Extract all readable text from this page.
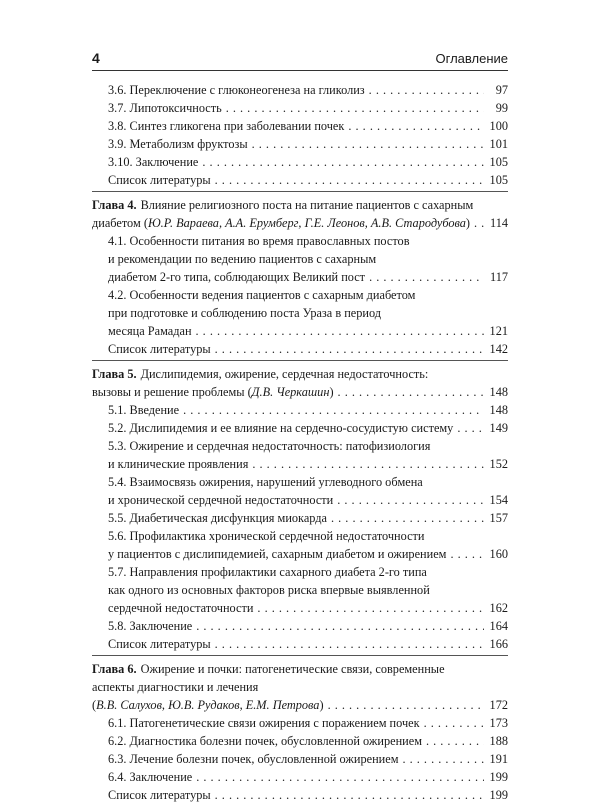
4	Оглавление
3.6. Переключение с глюконеогенеза на гликолиз . . .	97
3.7. Липотоксичность . . .	99
3.8. Синтез гликогена при заболевании почек . . .	100
3.9. Метаболизм фруктозы . . .	101
3.10. Заключение . . .	105
Список литературы . . .	105
Глава 4. Влияние религиозного поста на питание пациентов с сахарным
диабетом (Ю.Р. Вараева, А.А. Ерумберг, Г.Е. Леонов, А.В. Стародубова) . . . 114
4.1. Особенности питания во время православных постов
и рекомендации по ведению пациентов с сахарным
диабетом 2-го типа, соблюдающих Великий пост . . .	117
4.2. Особенности ведения пациентов с сахарным диабетом
при подготовке и соблюдению поста Ураза в период
месяца Рамадан . . .	121
Список литературы . . .	142
Глава 5. Дислипидемия, ожирение, сердечная недостаточность:
вызовы и решение проблемы (Д.В. Черкашин) . . .	148
5.1. Введение . . .	148
5.2. Дислипидемия и ее влияние на сердечно-сосудистую систему . . .	149
5.3. Ожирение и сердечная недостаточность: патофизиология
и клинические проявления . . .	152
5.4. Взаимосвязь ожирения, нарушений углеводного обмена
и хронической сердечной недостаточности . . .	154
5.5. Диабетическая дисфункция миокарда . . .	157
5.6. Профилактика хронической сердечной недостаточности
у пациентов с дислипидемией, сахарным диабетом и ожирением . . .	160
5.7. Направления профилактики сахарного диабета 2-го типа
как одного из основных факторов риска впервые выявленной
сердечной недостаточности . . .	162
5.8. Заключение . . .	164
Список литературы . . .	166
Глава 6. Ожирение и почки: патогенетические связи, современные
аспекты диагностики и лечения
(В.В. Салухов, Ю.В. Рудаков, Е.М. Петрова) . . .	172
6.1. Патогенетические связи ожирения с поражением почек . . .	173
6.2. Диагностика болезни почек, обусловленной ожирением . . .	188
6.3. Лечение болезни почек, обусловленной ожирением . . .	191
6.4. Заключение . . .	199
Список литературы . . .	199
